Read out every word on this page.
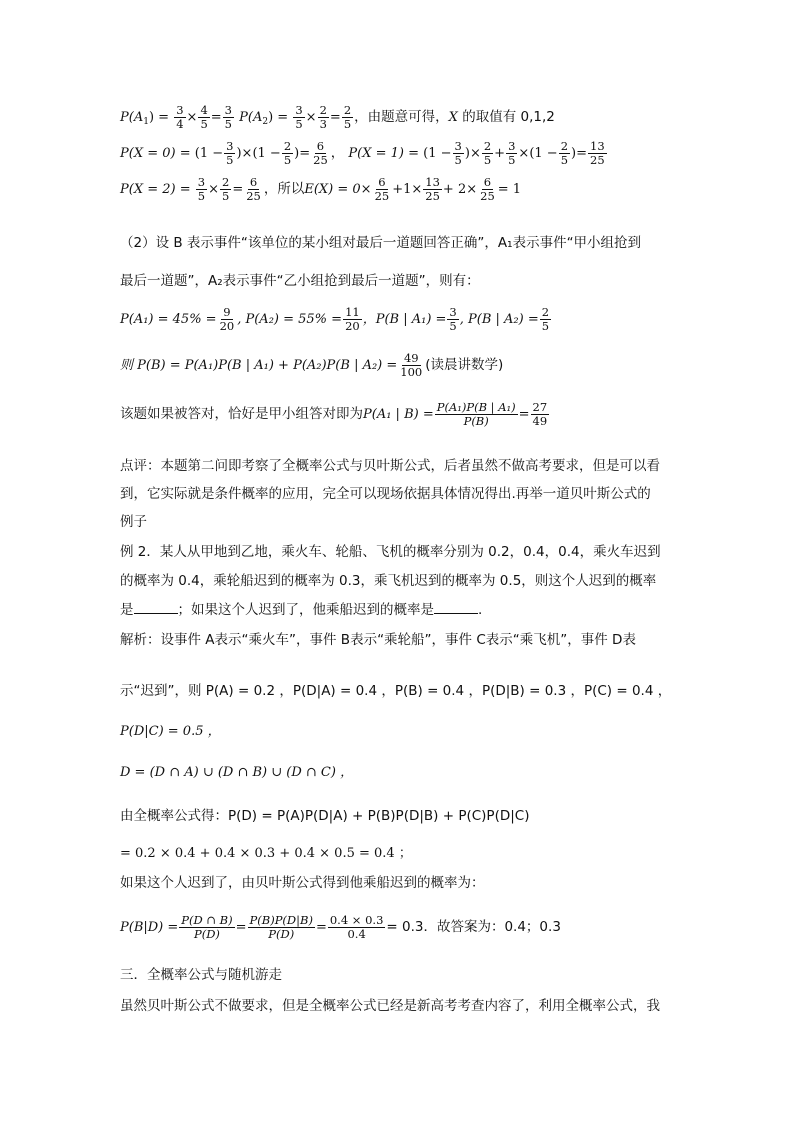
$P(A_1) = \frac{3}{4} \times \frac{4}{5} = \frac{3}{5} P(A_2) = \frac{3}{5} \times \frac{2}{3} = \frac{2}{5}$ ，由题意可得，X 的取值有 0,1,2
$P(X = 0) = (1 - \frac{3}{5} )\times(1 - \frac{2}{5}$ )= $\frac{6}{25}$ ， $P(X = 1) = (1 - \frac{3}{5}$ )× $\frac{2}{5} + \frac{3}{5} \times(1 - \frac{2}{5}$ )= $\frac{13}{25}$
$P(X = 2) = \frac{3}{5} \times \frac{2}{5} = \frac{6}{25}$ ，所以$E(X) = 0\times \frac{6}{25} +1\times \frac{13}{25} + 2\times \frac{6}{25} = 1$
（2）设 B 表示事件“该单位的某小组对最后一道题回答正确”，A₁表示事件“甲小组抢到
最后一道题”，A₂表示事件“乙小组抢到最后一道题”，则有：
$P(A_1) = 45\% = \frac{9}{20}$ , $P(A_2) = 55\% = \frac{11}{20}$ ，P(B | $A_1) = \frac{3}{5}$ , P(B | $A_2) = \frac{2}{5}$
则 P(B) = P(A₁)P(B | A₁) + P(A₂)P(B | $A_2) = \frac{49}{100}$ (读晨讲数学)
该题如果被答对，恰好是甲小组答对即为P(A₁ | $B) = \frac{\text{P(A₁)P(B | A₁)}}{P(B)} = \frac{27}{49}$
点评：本题第二问即考察了全概率公式与贝叶斯公式，后者虽然不做高考要求，但是可以看
到，它实际就是条件概率的应用，完全可以现场依据具体情况得出.再举一道贝叶斯公式的
例子
例 2．某人从甲地到乙地，乘火车、轮船、飞机的概率分别为 0.2，0.4，0.4，乘火车迟到
的概率为 0.4，乘轮船迟到的概率为 0.3，乘飞机迟到的概率为 0.5，则这个人迟到的概率
是	；如果这个人迟到了，他乘船迟到的概率是	.
解析：设事件 A表示“乘火车”，事件 B表示“乘轮船”，事件 C表示“乘飞机”，事件 D表
示“迟到”，则 P(A) = 0.2 ，P(D|A) = 0.4 ，P(B) = 0.4 ，P(D|B) = 0.3 ，P(C) = 0.4 ，
P(D|C) = 0.5 ，
D = (D ∩ A) ∪ (D ∩ B) ∪ (D ∩ C) ，
由全概率公式得：P(D) = P(A)P(D|A) + P(B)P(D|B) + P(C)P(D|C)
= 0.2 × 0.4 + 0.4 × 0.3 + 0.4 × 0.5 = 0.4 ；
如果这个人迟到了，由贝叶斯公式得到他乘船迟到的概率为：
$P(B|D) = \frac{P(D \cap B)}{P(D)} = \frac{P(B)P(D|B)}{P(D)} = \frac{0.4 \times 0.3}{0.4} = 0.3$．故答案为：0.4；0.3
三．全概率公式与随机游走
虽然贝叶斯公式不做要求，但是全概率公式已经是新高考考查内容了，利用全概率公式，我
